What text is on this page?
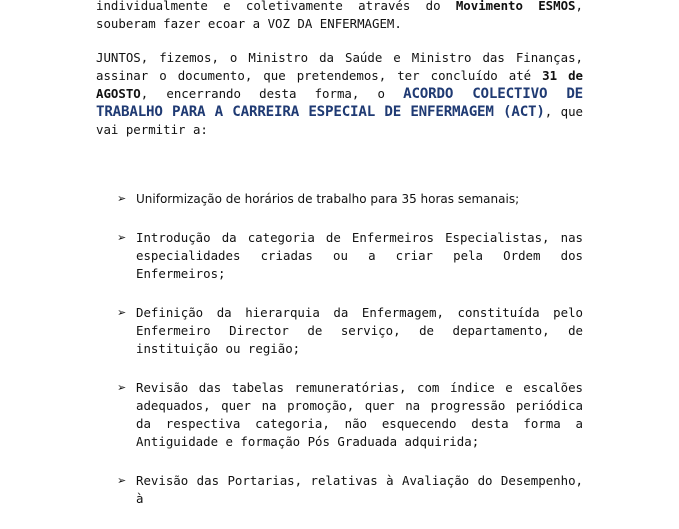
individualmente e coletivamente através do Movimento ESMOS, souberam fazer ecoar a VOZ DA ENFERMAGEM.

JUNTOS, fizemos, o Ministro da Saúde e Ministro das Finanças, assinar o documento, que pretendemos, ter concluído até 31 de AGOSTO, encerrando desta forma, o ACORDO COLECTIVO DE TRABALHO PARA A CARREIRA ESPECIAL DE ENFERMAGEM (ACT), que vai permitir a:

➢ Uniformização de horários de trabalho para 35 horas semanais;
➢ Introdução da categoria de Enfermeiros Especialistas, nas especialidades criadas ou a criar pela Ordem dos Enfermeiros;
➢ Definição da hierarquia da Enfermagem, constituída pelo Enfermeiro Director de serviço, de departamento, de instituição ou região;
➢ Revisão das tabelas remuneratórias, com índice e escalões adequados, quer na promoção, quer na progressão periódica da respectiva categoria, não esquecendo desta forma a Antiguidade e formação Pós Graduada adquirida;
➢ Revisão das Portarias, relativas à Avaliação do Desempenho, à
